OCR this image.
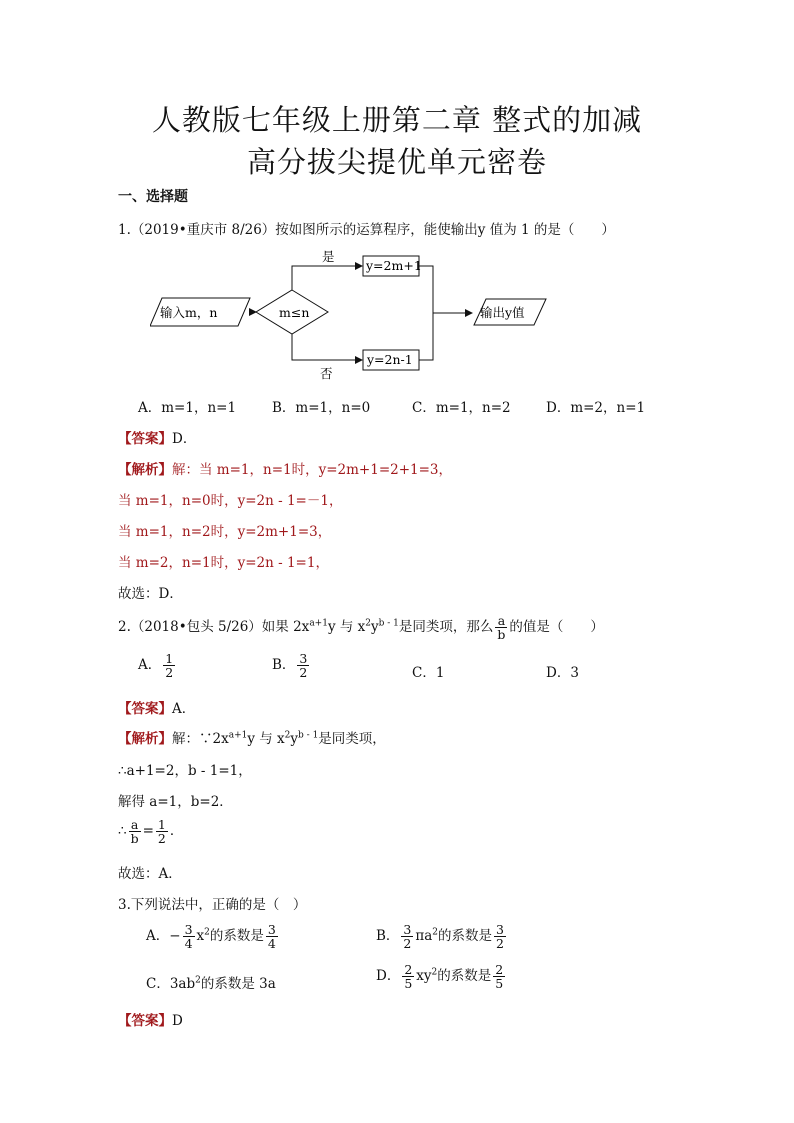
人教版七年级上册第二章 整式的加减
高分拔尖提优单元密卷
一、选择题
1.（2019•重庆市 8/26）按如图所示的运算程序，能使输出y 值为 1 的是（　　）
输入m，n	m≤n
是
否
y=2m+1
y=2n-1
输出y值
A．m=1，n=1	B．m=1，n=0	C．m=1，n=2	D．m=2，n=1
【答案】D．
【解析】解：当 m=1，n=1时，y=2m+1=2+1=3，
当 m=1，n=0时，y=2n - 1=－1，
当 m=1，n=2时，y=2m+1=3，
当 m=2，n=1时，y=2n - 1=1，
故选：D．
2.（2018•包头 5/26）如果 $2x^{a+1}y$ 与 $x^2y^{b - 1}$是同类项，那么 $\frac{a}{b}$ 的值是（　　）
A． $\frac{1}{2}$	B． $\frac{3}{2}$	C．1	D．3
【答案】A．
【解析】解：$\because 2x^{a+1}y$ 与 $x^2y^{b - 1}$是同类项，
∴a+1=2，b - 1=1，
解得 a=1，b=2．
∴ $\frac{a}{b} = \frac{1}{2}$ ．
故选：A．
3.下列说法中，正确的是（　）
A．− $\frac{3}{4} x^2$的系数是 $\frac{3}{4}$	B． $\frac{3}{2} \pi a^2$的系数是 $\frac{3}{2}$
C．$3ab^2$的系数是 3a	D． $\frac{2}{5} xy^2$的系数是 $\frac{2}{5}$
【答案】D
